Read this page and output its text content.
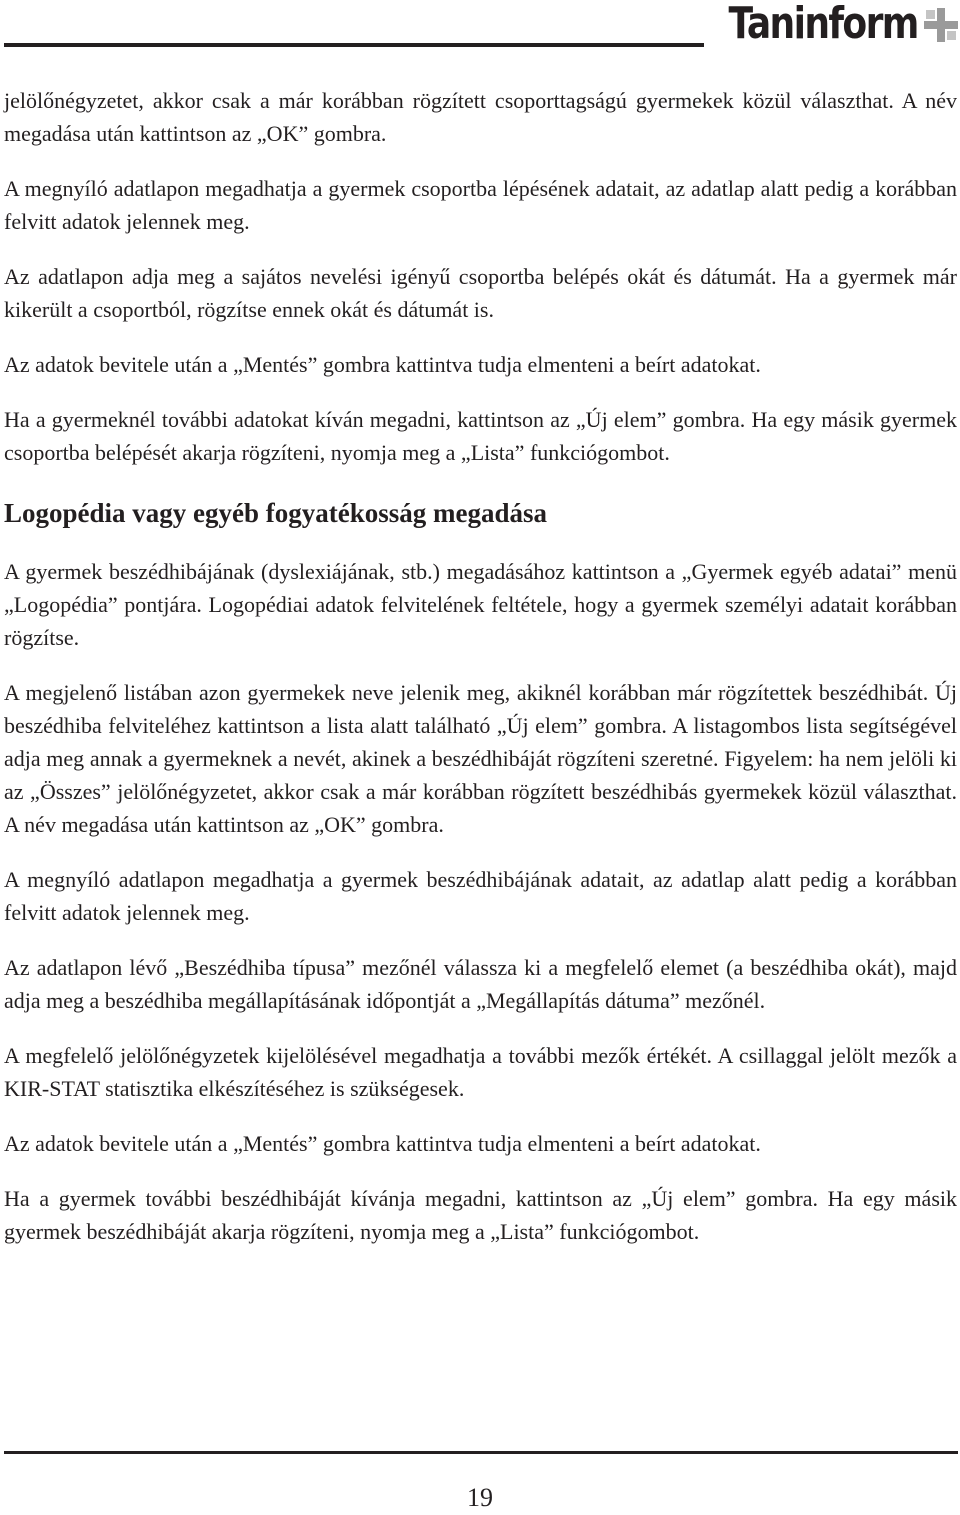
Taninform

jelölőnégyzetet, akkor csak a már korábban rögzített csoporttagságú gyermekek közül választhat. A név megadása után kattintson az „OK” gombra.

A megnyíló adatlapon megadhatja a gyermek csoportba lépésének adatait, az adatlap alatt pedig a korábban felvitt adatok jelennek meg.

Az adatlapon adja meg a sajátos nevelési igényű csoportba belépés okát és dátumát. Ha a gyermek már kikerült a csoportból, rögzítse ennek okát és dátumát is.

Az adatok bevitele után a „Mentés” gombra kattintva tudja elmenteni a beírt adatokat.

Ha a gyermeknél további adatokat kíván megadni, kattintson az „Új elem” gombra. Ha egy másik gyermek csoportba belépését akarja rögzíteni, nyomja meg a „Lista” funkciógombot.

Logopédia vagy egyéb fogyatékosság megadása

A gyermek beszédhibájának (dyslexiájának, stb.) megadásához kattintson a „Gyermek egyéb adatai” menü „Logopédia” pontjára. Logopédiai adatok felvitelének feltétele, hogy a gyermek személyi adatait korábban rögzítse.

A megjelenő listában azon gyermekek neve jelenik meg, akiknél korábban már rögzítettek beszédhibát. Új beszédhiba felviteléhez kattintson a lista alatt található „Új elem” gombra. A listagombos lista segítségével adja meg annak a gyermeknek a nevét, akinek a beszédhibáját rögzíteni szeretné. Figyelem: ha nem jelöli ki az „Összes” jelölőnégyzetet, akkor csak a már korábban rögzített beszédhibás gyermekek közül választhat. A név megadása után kattintson az „OK” gombra.

A megnyíló adatlapon megadhatja a gyermek beszédhibájának adatait, az adatlap alatt pedig a korábban felvitt adatok jelennek meg.

Az adatlapon lévő „Beszédhiba típusa” mezőnél válassza ki a megfelelő elemet (a beszédhiba okát), majd adja meg a beszédhiba megállapításának időpontját a „Megállapítás dátuma” mezőnél.

A megfelelő jelölőnégyzetek kijelölésével megadhatja a további mezők értékét. A csillaggal jelölt mezők a KIR-STAT statisztika elkészítéséhez is szükségesek.

Az adatok bevitele után a „Mentés” gombra kattintva tudja elmenteni a beírt adatokat.

Ha a gyermek további beszédhibáját kívánja megadni, kattintson az „Új elem” gombra. Ha egy másik gyermek beszédhibáját akarja rögzíteni, nyomja meg a „Lista” funkciógombot.

19
